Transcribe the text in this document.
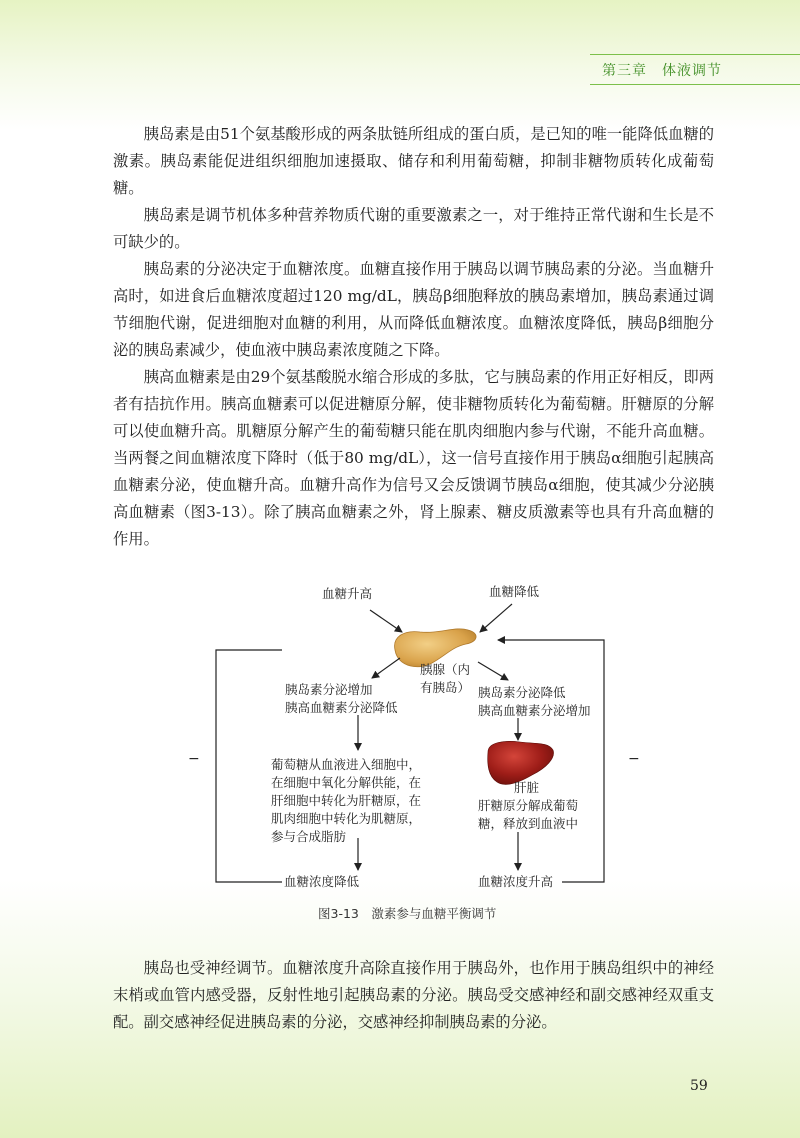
第三章　体液调节

胰岛素是由51个氨基酸形成的两条肽链所组成的蛋白质，是已知的唯一能降低血糖的激素。胰岛素能促进组织细胞加速摄取、储存和利用葡萄糖，抑制非糖物质转化成葡萄糖。

胰岛素是调节机体多种营养物质代谢的重要激素之一，对于维持正常代谢和生长是不可缺少的。

胰岛素的分泌决定于血糖浓度。血糖直接作用于胰岛以调节胰岛素的分泌。当血糖升高时，如进食后血糖浓度超过120 mg/dL，胰岛β细胞释放的胰岛素增加，胰岛素通过调节细胞代谢，促进细胞对血糖的利用，从而降低血糖浓度。血糖浓度降低，胰岛β细胞分泌的胰岛素减少，使血液中胰岛素浓度随之下降。

胰高血糖素是由29个氨基酸脱水缩合形成的多肽，它与胰岛素的作用正好相反，即两者有拮抗作用。胰高血糖素可以促进糖原分解，使非糖物质转化为葡萄糖。肝糖原的分解可以使血糖升高。肌糖原分解产生的葡萄糖只能在肌肉细胞内参与代谢，不能升高血糖。当两餐之间血糖浓度下降时（低于80 mg/dL），这一信号直接作用于胰岛α细胞引起胰高血糖素分泌，使血糖升高。血糖升高作为信号又会反馈调节胰岛α细胞，使其减少分泌胰高血糖素（图3-13）。除了胰高血糖素之外，肾上腺素、糖皮质激素等也具有升高血糖的作用。

血糖升高	血糖降低
胰腺（内
有胰岛）
胰岛素分泌增加
胰高血糖素分泌降低
胰岛素分泌降低
胰高血糖素分泌增加
葡萄糖从血液进入细胞中，
在细胞中氧化分解供能，在
肝细胞中转化为肝糖原，在
肌肉细胞中转化为肌糖原，
参与合成脂肪
肝脏
肝糖原分解成葡萄
糖，释放到血液中
血糖浓度降低	血糖浓度升高
−	−
图3-13　激素参与血糖平衡调节

胰岛也受神经调节。血糖浓度升高除直接作用于胰岛外，也作用于胰岛组织中的神经末梢或血管内感受器，反射性地引起胰岛素的分泌。胰岛受交感神经和副交感神经双重支配。副交感神经促进胰岛素的分泌，交感神经抑制胰岛素的分泌。

59
